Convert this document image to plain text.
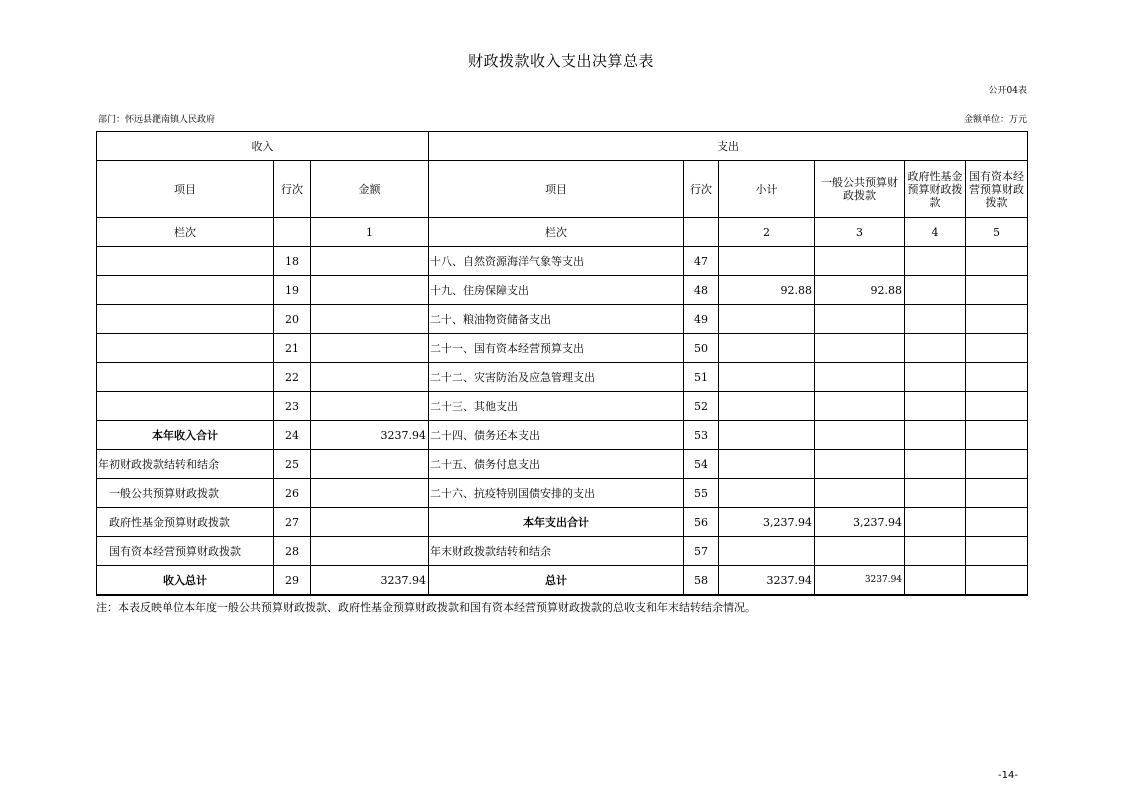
财政拨款收入支出决算总表
公开04表
部门：怀远县淝南镇人民政府	金额单位：万元
收入			支出					
项目	行次	金额	项目	行次	小计	一般公共预算财政拨款	政府性基金预算财政拨款	国有资本经营预算财政拨款
栏次		1	栏次		2	3	4	5
	18		十八、自然资源海洋气象等支出	47				
	19		十九、住房保障支出	48	92.88	92.88		
	20		二十、粮油物资储备支出	49				
	21		二十一、国有资本经营预算支出	50				
	22		二十二、灾害防治及应急管理支出	51				
	23		二十三、其他支出	52				
本年收入合计	24	3237.94	二十四、债务还本支出	53				
年初财政拨款结转和结余	25		二十五、债务付息支出	54				
一般公共预算财政拨款	26		二十六、抗疫特别国债安排的支出	55				
政府性基金预算财政拨款	27		本年支出合计	56	3,237.94	3,237.94		
国有资本经营预算财政拨款	28		年末财政拨款结转和结余	57				
收入总计	29	3237.94	总计	58	3237.94	3237.94		
注：本表反映单位本年度一般公共预算财政拨款、政府性基金预算财政拨款和国有资本经营预算财政拨款的总收支和年末结转结余情况。
-14-
